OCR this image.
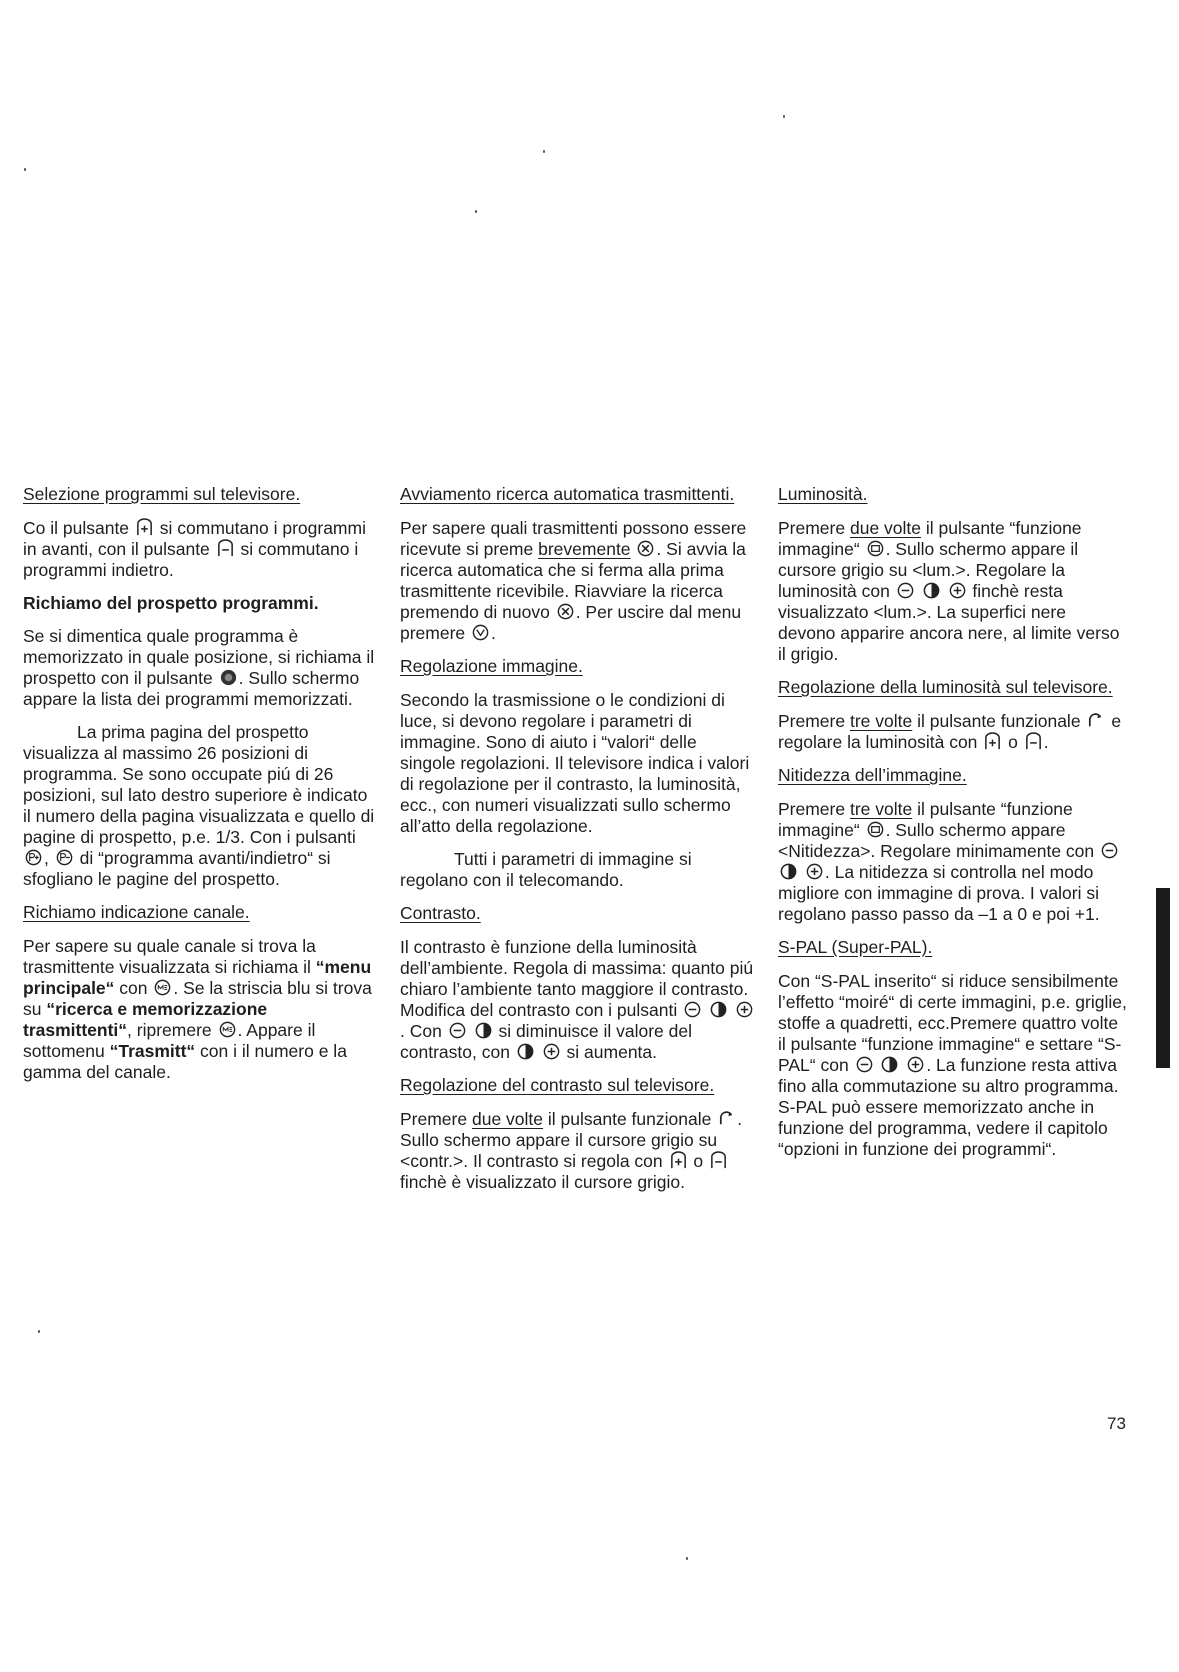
Selezione programmi sul televisore.

Co il pulsante si commutano i programmi in avanti, con il pulsante si commutano i programmi indietro.

Richiamo del prospetto programmi.

Se si dimentica quale programma è memorizzato in quale posizione, si richiama il prospetto con il pulsante . Sullo schermo appare la lista dei programmi memorizzati.

La prima pagina del prospetto visualizza al massimo 26 posizioni di programma. Se sono occupate piú di 26 posizioni, sul lato destro superiore è indicato il numero della pagina visualizzata e quello di pagine di prospetto, p.e. 1/3. Con i pulsanti
, di “programma avanti/indietro“ si sfogliano le pagine del prospetto.

Richiamo indicazione canale.

Per sapere su quale canale si trova la trasmittente visualizzata si richiama il “menu principale“ con . Se la striscia blu si trova su “ricerca e memorizzazione trasmittenti“, ripremere . Appare il sottomenu “Trasmitt“ con i il numero e la gamma del canale.

Avviamento ricerca automatica trasmittenti.

Per sapere quali trasmittenti possono essere ricevute si preme brevemente . Si avvia la ricerca automatica che si ferma alla prima trasmittente ricevibile. Riavviare la ricerca premendo di nuovo . Per uscire dal menu premere .

Regolazione immagine.

Secondo la trasmissione o le condizioni di luce, si devono regolare i parametri di immagine. Sono di aiuto i “valori“ delle singole regolazioni. Il televisore indica i valori di regolazione per il contrasto, la luminosità, ecc., con numeri visualizzati sullo schermo all’atto della regolazione.

Tutti i parametri di immagine si regolano con il telecomando.

Contrasto.

Il contrasto è funzione della luminosità dell’ambiente. Regola di massima: quanto piú chiaro l’ambiente tanto maggiore il contrasto. Modifica del contrasto con i pulsanti

. Con
	si diminuisce il valore del contrasto, con
	si aumenta.

Regolazione del contrasto sul televisore.

Premere due volte il pulsante funzionale . Sullo schermo appare il cursore grigio su <contr.>. Il contrasto si regola con o
finchè è visualizzato il cursore grigio.

Luminosità.

Premere due volte il pulsante “funzione immagine“ . Sullo schermo appare il cursore grigio su <lum.>. Regolare la luminosità con

	finchè resta visualizzato <lum.>. La superfici nere devono apparire ancora nere, al limite verso il grigio.

Regolazione della luminosità sul televisore.

Premere tre volte il pulsante funzionale e regolare la luminosità con o .

Nitidezza dell’immagine.

Premere tre volte il pulsante “funzione immagine“ . Sullo schermo appare <Nitidezza>. Regolare minimamente con

. La nitidezza si controlla nel modo migliore con immagine di prova. I valori si regolano passo passo da –1 a 0 e poi +1.

S-PAL (Super-PAL).

Con “S-PAL inserito“ si riduce sensibilmente l’effetto “moiré“ di certe immagini, p.e. griglie, stoffe a quadretti, ecc.Premere quattro volte il pulsante “funzione immagine“ e settare “S-PAL“ con

	. La funzione resta attiva fino alla commutazione su altro programma. S-PAL può essere memorizzato anche in funzione del programma, vedere il capitolo “opzioni in funzione dei programmi“.

73
